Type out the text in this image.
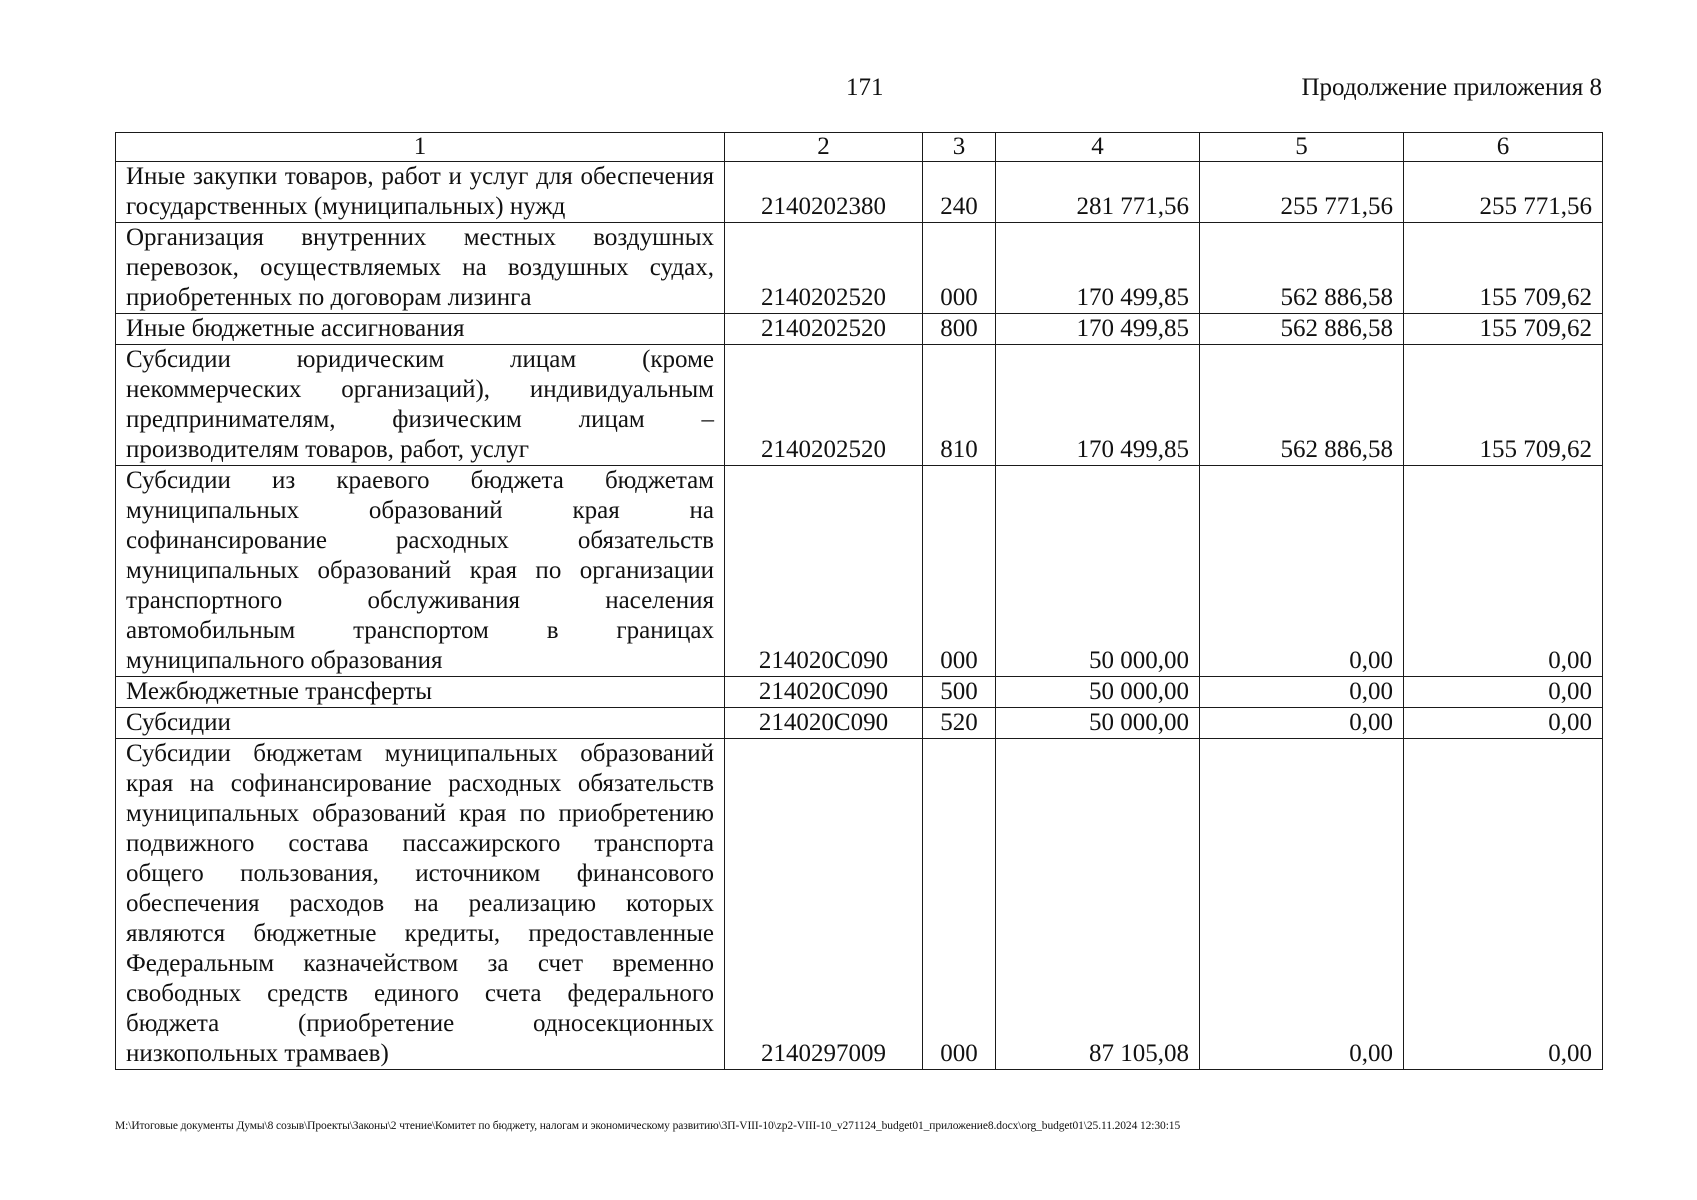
171	Продолжение приложения 8
1	2	3	4	5	6
Иные закупки товаров, работ и услуг для обеспечения государственных (муниципальных) нужд	2140202380	240	281 771,56	255 771,56	255 771,56
Организация внутренних местных воздушных перевозок, осуществляемых на воздушных судах, приобретенных по договорам лизинга	2140202520	000	170 499,85	562 886,58	155 709,62
Иные бюджетные ассигнования	2140202520	800	170 499,85	562 886,58	155 709,62
Субсидии юридическим лицам (кроме некоммерческих организаций), индивидуальным предпринимателям, физическим лицам – производителям товаров, работ, услуг	2140202520	810	170 499,85	562 886,58	155 709,62
Субсидии из краевого бюджета бюджетам муниципальных образований края на софинансирование расходных обязательств муниципальных образований края по организации транспортного обслуживания населения автомобильным транспортом в границах муниципального образования	214020С090	000	50 000,00	0,00	0,00
Межбюджетные трансферты	214020С090	500	50 000,00	0,00	0,00
Субсидии	214020С090	520	50 000,00	0,00	0,00
Субсидии бюджетам муниципальных образований края на софинансирование расходных обязательств муниципальных образований края по приобретению подвижного состава пассажирского транспорта общего пользования, источником финансового обеспечения расходов на реализацию которых являются бюджетные кредиты, предоставленные Федеральным казначейством за счет временно свободных средств единого счета федерального бюджета (приобретение односекционных низкопольных трамваев)	2140297009	000	87 105,08	0,00	0,00
M:\Итоговые документы Думы\8 созыв\Проекты\Законы\2 чтение\Комитет по бюджету, налогам и экономическому развитию\3П-VIII-10\zp2-VIII-10_v271124_budget01_приложение8.docx\org_budget01\25.11.2024 12:30:15
